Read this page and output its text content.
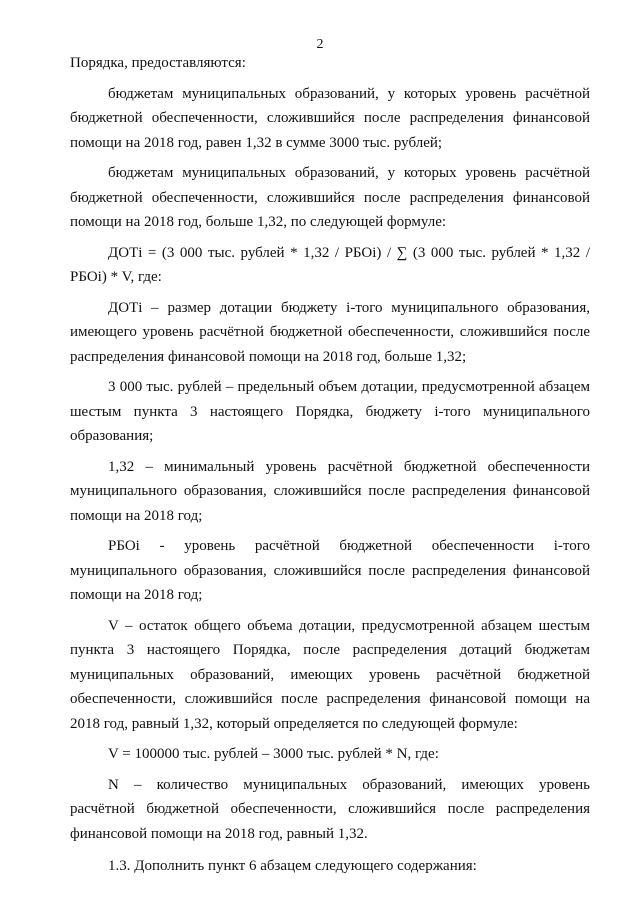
2

Порядка, предоставляются:

бюджетам муниципальных образований, у которых уровень расчётной бюджетной обеспеченности, сложившийся после распределения финансовой помощи на 2018 год, равен 1,32 в сумме 3000 тыс. рублей;

бюджетам муниципальных образований, у которых уровень расчётной бюджетной обеспеченности, сложившийся после распределения финансовой помощи на 2018 год, больше 1,32, по следующей формуле:

ДОТi = (3 000 тыс. рублей * 1,32 / РБОi) / ∑ (3 000 тыс. рублей * 1,32 / РБОi) * V, где:

ДОТi – размер дотации бюджету i-того муниципального образования, имеющего уровень расчётной бюджетной обеспеченности, сложившийся после распределения финансовой помощи на 2018 год, больше 1,32;

3 000 тыс. рублей – предельный объем дотации, предусмотренной абзацем шестым пункта 3 настоящего Порядка, бюджету i-того муниципального образования;

1,32 – минимальный уровень расчётной бюджетной обеспеченности муниципального образования, сложившийся после распределения финансовой помощи на 2018 год;

РБОi - уровень расчётной бюджетной обеспеченности i-того муниципального образования, сложившийся после распределения финансовой помощи на 2018 год;

V – остаток общего объема дотации, предусмотренной абзацем шестым пункта 3 настоящего Порядка, после распределения дотаций бюджетам муниципальных образований, имеющих уровень расчётной бюджетной обеспеченности, сложившийся после распределения финансовой помощи на 2018 год, равный 1,32, который определяется по следующей формуле:

V = 100000 тыс. рублей – 3000 тыс. рублей * N, где:

N – количество муниципальных образований, имеющих уровень расчётной бюджетной обеспеченности, сложившийся после распределения финансовой помощи на 2018 год, равный 1,32.

1.3. Дополнить пункт 6 абзацем следующего содержания:
